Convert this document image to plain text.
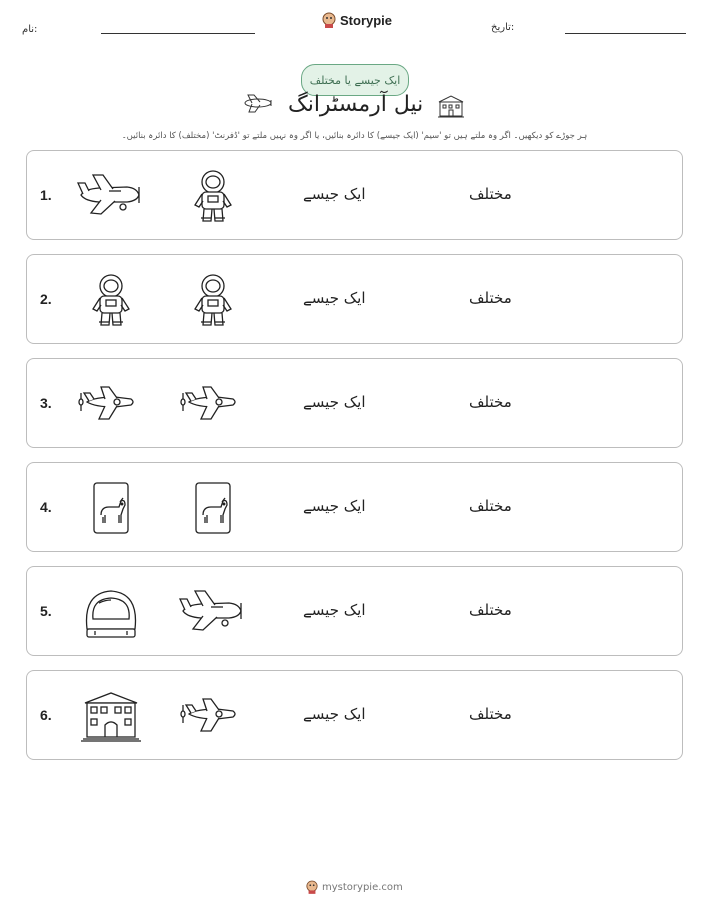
نام:
Storypie	تاریخ:
ایک جیسے یا مختلف
نیل آرمسٹرانگ
ہر جوڑے کو دیکھیں۔ اگر وہ ملتے ہیں تو 'سیم' (ایک جیسے) کا دائرہ بنائیں، یا اگر وہ نہیں ملتے تو 'ڈفرنٹ' (مختلف) کا دائرہ بنائیں۔
1.	ایک جیسے	مختلف
2.	ایک جیسے	مختلف
3.	ایک جیسے	مختلف
4.	ایک جیسے	مختلف
5.	ایک جیسے	مختلف
6.	ایک جیسے	مختلف
mystorypie.com
